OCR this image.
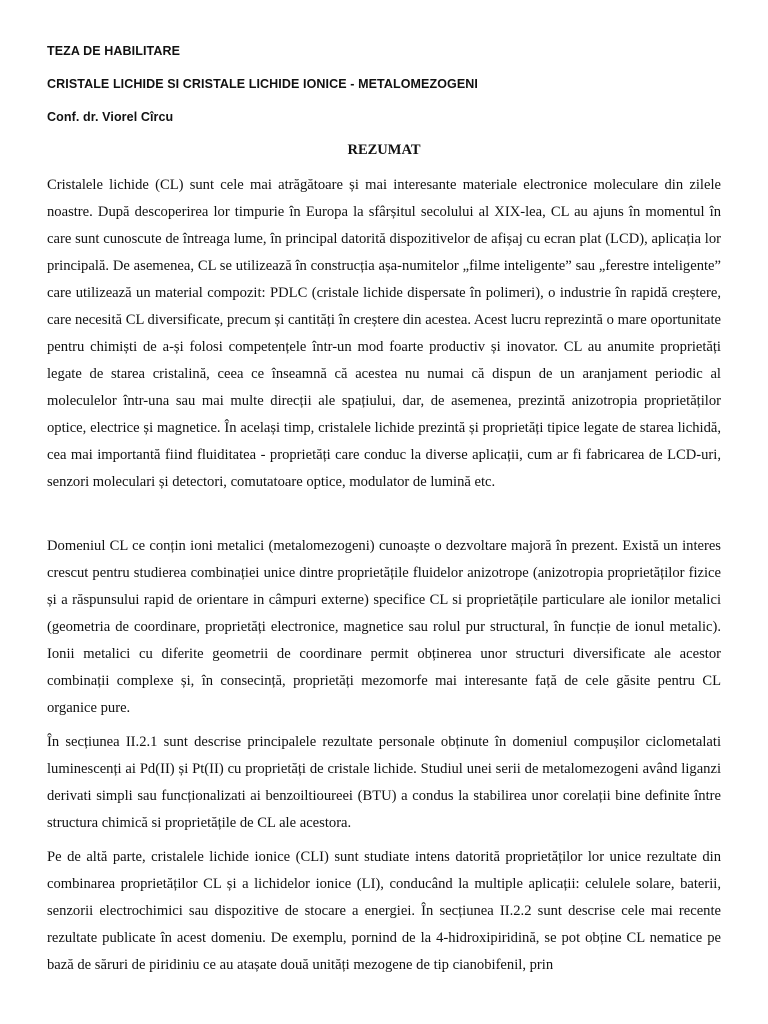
TEZA DE HABILITARE

CRISTALE LICHIDE SI CRISTALE LICHIDE IONICE - METALOMEZOGENI

Conf. dr. Viorel Cîrcu

REZUMAT

Cristalele lichide (CL) sunt cele mai atrăgătoare și mai interesante materiale electronice moleculare din zilele noastre. După descoperirea lor timpurie în Europa la sfârșitul secolului al XIX-lea, CL au ajuns în momentul în care sunt cunoscute de întreaga lume, în principal datorită dispozitivelor de afișaj cu ecran plat (LCD), aplicația lor principală. De asemenea, CL se utilizează în construcția așa-numitelor „filme inteligente” sau „ferestre inteligente” care utilizează un material compozit: PDLC (cristale lichide dispersate în polimeri), o industrie în rapidă creștere, care necesită CL diversificate, precum și cantități în creștere din acestea. Acest lucru reprezintă o mare oportunitate pentru chimiști de a-și folosi competențele într-un mod foarte productiv și inovator. CL au anumite proprietăți legate de starea cristalină, ceea ce înseamnă că acestea nu numai că dispun de un aranjament periodic al moleculelor într-una sau mai multe direcții ale spațiului, dar, de asemenea, prezintă anizotropia proprietăților optice, electrice și magnetice. În același timp, cristalele lichide prezintă și proprietăți tipice legate de starea lichidă, cea mai importantă fiind fluiditatea - proprietăți care conduc la diverse aplicații, cum ar fi fabricarea de LCD-uri, senzori moleculari și detectori, comutatoare optice, modulator de lumină etc.

Domeniul CL ce conțin ioni metalici (metalomezogeni) cunoaște o dezvoltare majoră în prezent. Există un interes crescut pentru studierea combinației unice dintre proprietățile fluidelor anizotrope (anizotropia proprietăților fizice și a răspunsului rapid de orientare in câmpuri externe) specifice CL si proprietățile particulare ale ionilor metalici (geometria de coordinare, proprietăți electronice, magnetice sau rolul pur structural, în funcție de ionul metalic). Ionii metalici cu diferite geometrii de coordinare permit obținerea unor structuri diversificate ale acestor combinații complexe și, în consecință, proprietăți mezomorfe mai interesante față de cele găsite pentru CL organice pure.

În secțiunea II.2.1 sunt descrise principalele rezultate personale obținute în domeniul compușilor ciclometalati luminescenți ai Pd(II) și Pt(II) cu proprietăți de cristale lichide. Studiul unei serii de metalomezogeni având liganzi derivati simpli sau funcționalizati ai benzoiltioureei (BTU) a condus la stabilirea unor corelații bine definite între structura chimică si proprietățile de CL ale acestora.

Pe de altă parte, cristalele lichide ionice (CLI) sunt studiate intens datorită proprietăților lor unice rezultate din combinarea proprietăților CL și a lichidelor ionice (LI), conducând la multiple aplicații: celulele solare, baterii, senzorii electrochimici sau dispozitive de stocare a energiei. În secțiunea II.2.2 sunt descrise cele mai recente rezultate publicate în acest domeniu. De exemplu, pornind de la 4-hidroxipiridină, se pot obține CL nematice pe bază de săruri de piridiniu ce au atașate două unități mezogene de tip cianobifenil, prin
